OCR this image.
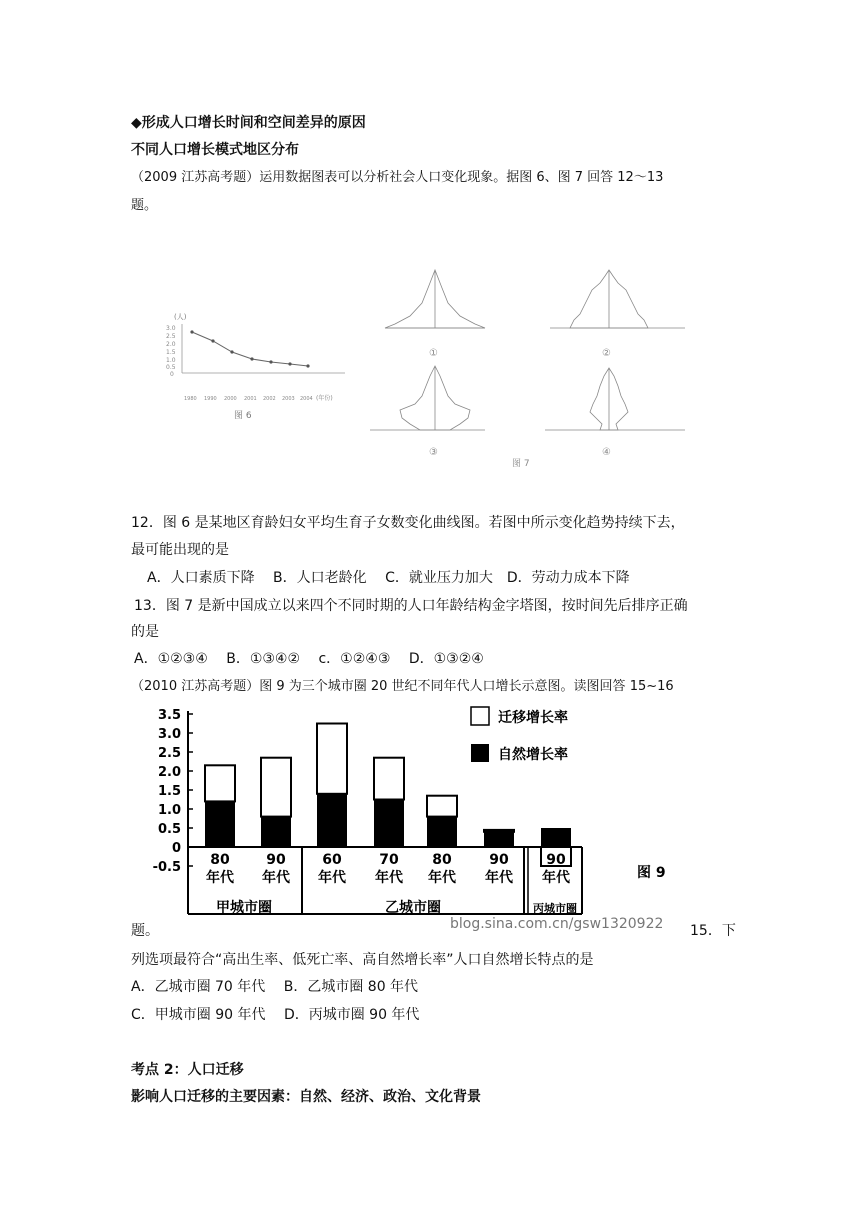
◆形成人口增长时间和空间差异的原因
不同人口增长模式地区分布
（2009 江苏高考题）运用数据图表可以分析社会人口变化现象。据图 6、图 7 回答 12～13
题。
(人)
3.0
2.5
2.0
1.5
1.0
0.5
0
1980 1990 2000 2001 2002 2003 2004 (年份)
图 6
①	②
③	④
图 7
12．图 6 是某地区育龄妇女平均生育子女数变化曲线图。若图中所示变化趋势持续下去，
最可能出现的是
A．人口素质下降　 B．人口老龄化　 C．就业压力加大　D．劳动力成本下降
13．图 7 是新中国成立以来四个不同时期的人口年龄结构金字塔图，按时间先后排序正确
的是
A．①②③④　 B．①③④②　 c．①②④③　 D．①③②④
（2010 江苏高考题）图 9 为三个城市圈 20 世纪不同年代人口增长示意图。读图回答 15~16
3.5
3.0
2.5
2.0
1.5
1.0
0.5
0
-0.5 80
年代
90
年代
60
年代
70
年代
80
年代
90
年代
90
年代
甲城市圈	乙城市圈	丙城市圈
迁移增长率
自然增长率
图 9
题。	blog.sina.com.cn/gsw1320922 15．下
列选项最符合“高出生率、低死亡率、高自然增长率”人口自然增长特点的是
A．乙城市圈 70 年代　 B．乙城市圈 80 年代
C．甲城市圈 90 年代　 D．丙城市圈 90 年代
考点 2：人口迁移
影响人口迁移的主要因素：自然、经济、政治、文化背景
